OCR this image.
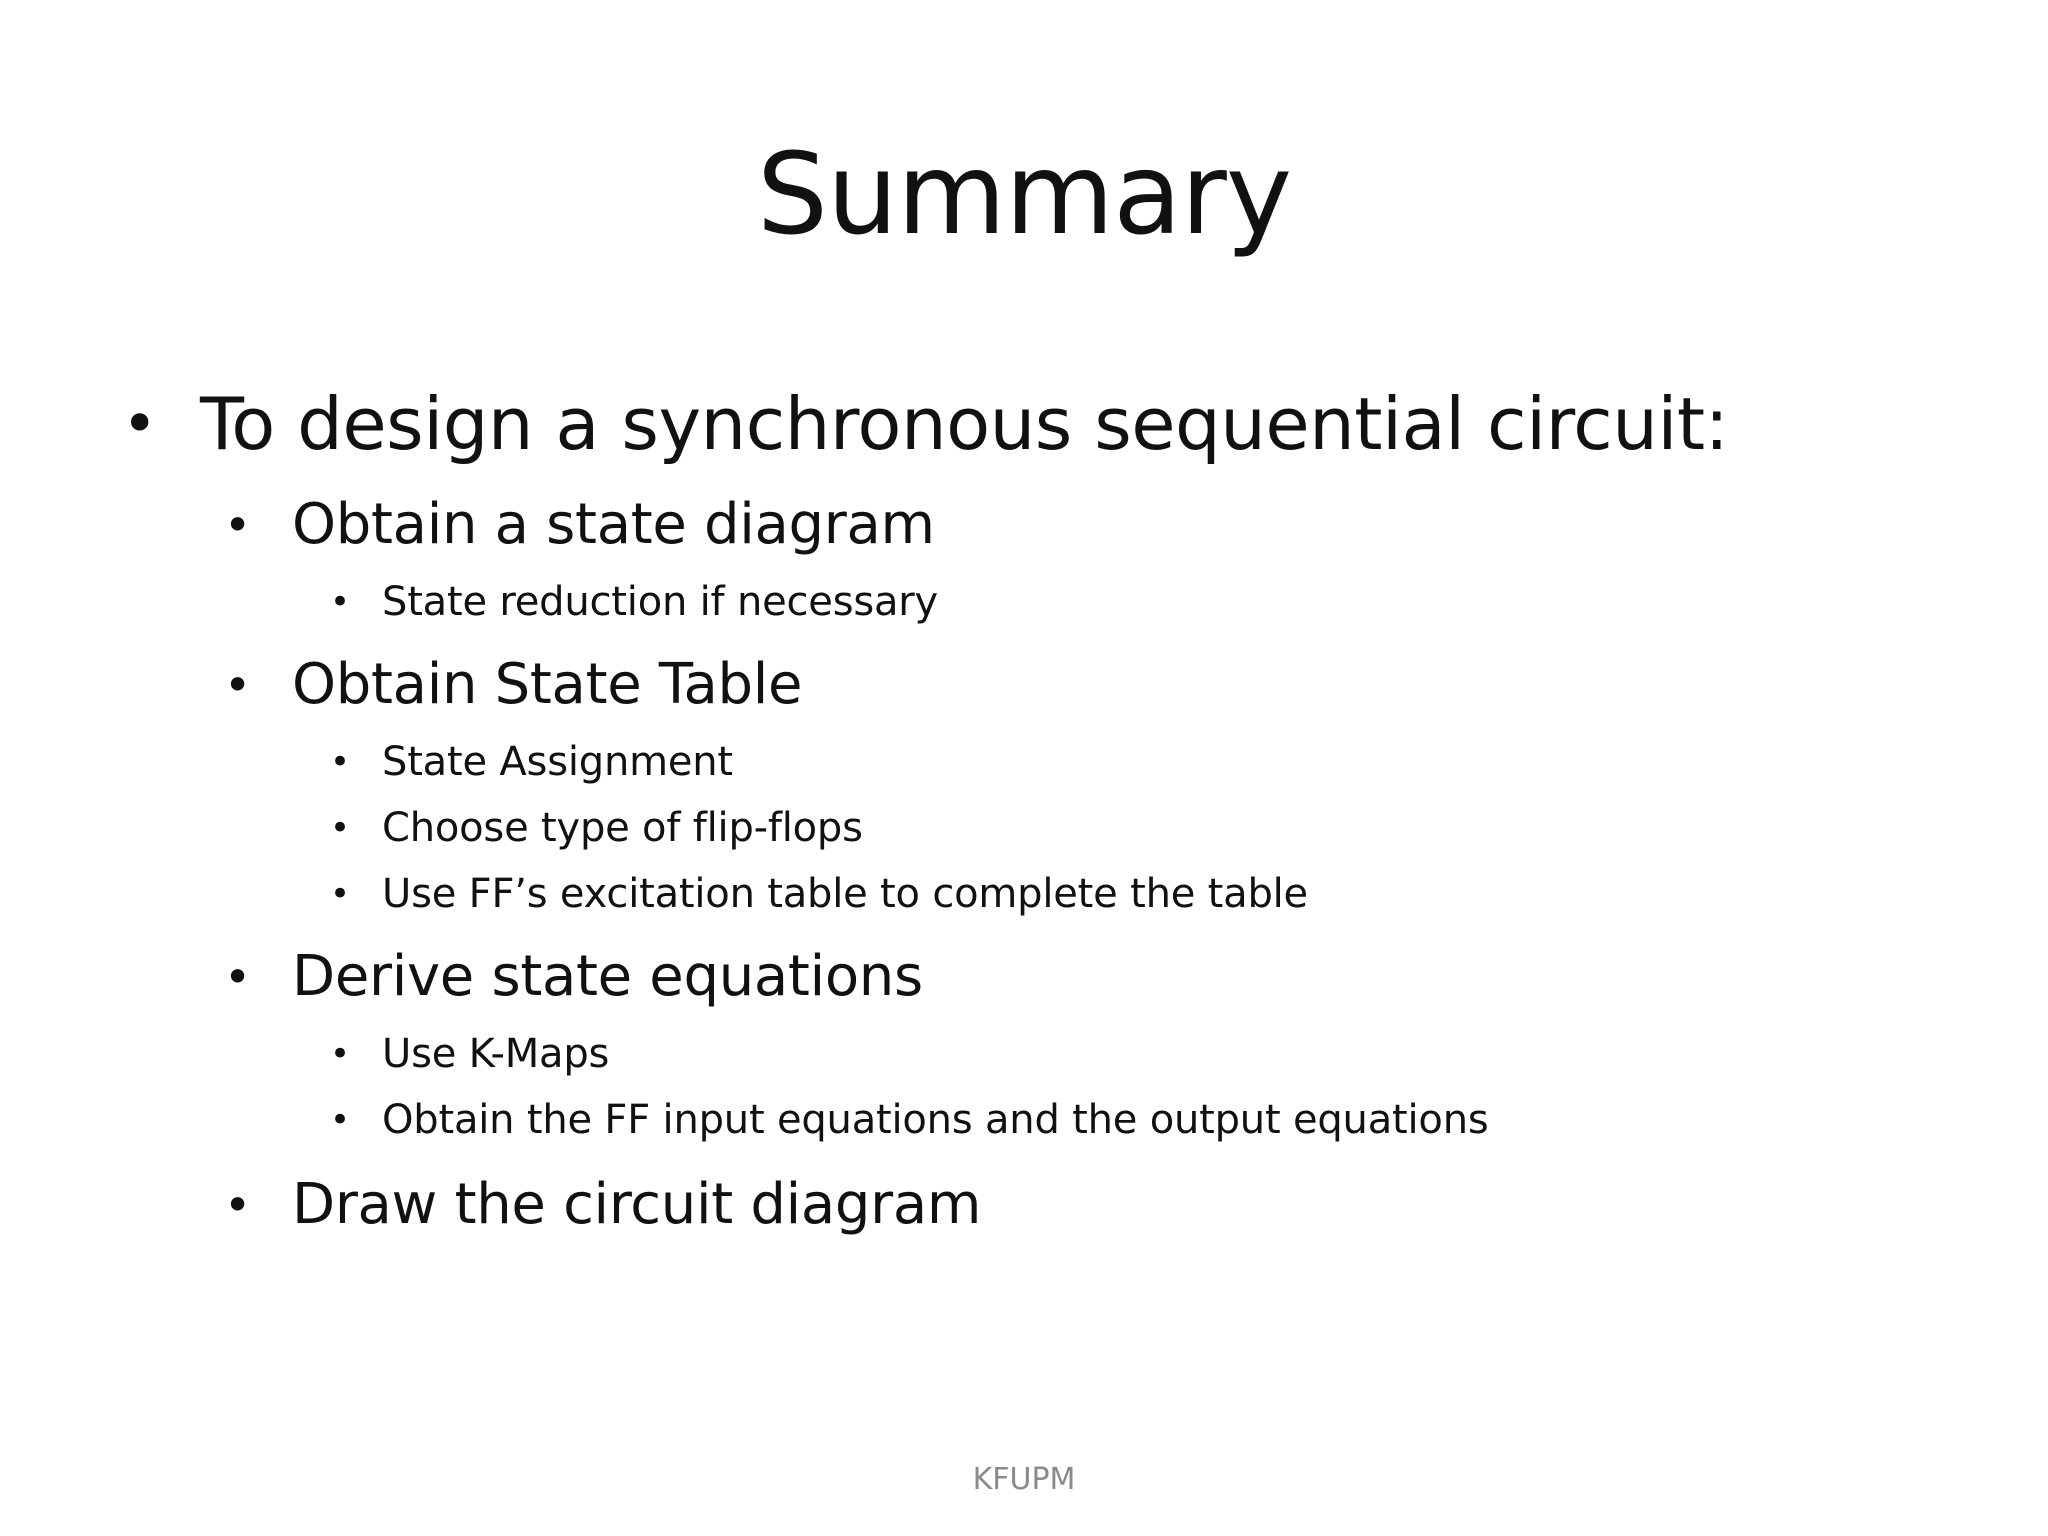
Summary
• To design a synchronous sequential circuit:
• Obtain a state diagram
• State reduction if necessary
• Obtain State Table
• State Assignment
• Choose type of flip-flops
• Use FF’s excitation table to complete the table
• Derive state equations
• Use K-Maps
• Obtain the FF input equations and the output equations
• Draw the circuit diagram
KFUPM
